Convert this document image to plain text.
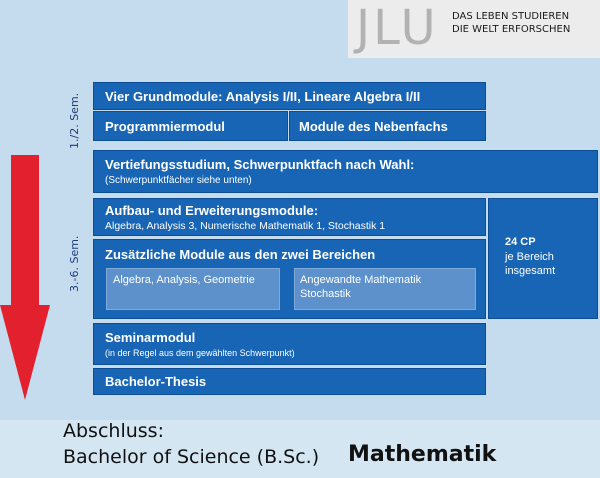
JLU DAS LEBEN STUDIEREN
DIE WELT ERFORSCHEN
1./2. Sem.
3.-6. Sem.
Vier Grundmodule: Analysis I/II, Lineare Algebra I/II
Programmiermodul	Module des Nebenfachs
Vertiefungsstudium, Schwerpunktfach nach Wahl:
(Schwerpunktfächer siehe unten)
Aufbau- und Erweiterungsmodule:
Algebra, Analysis 3, Numerische Mathematik 1, Stochastik 1
Zusätzliche Module aus den zwei Bereichen
Algebra, Analysis, Geometrie	Angewandte Mathematik
Stochastik
24 CP
je Bereich
insgesamt
Seminarmodul
(in der Regel aus dem gewählten Schwerpunkt)
Bachelor-Thesis
Abschluss:
Bachelor of Science (B.Sc.) Mathematik
